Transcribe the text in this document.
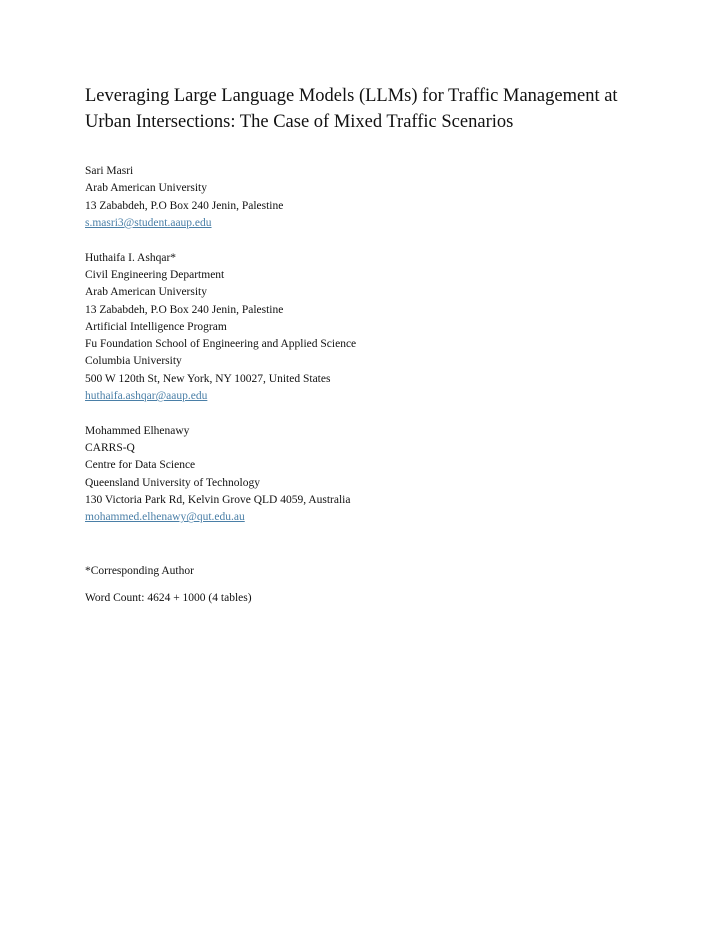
Leveraging Large Language Models (LLMs) for Traffic Management at
Urban Intersections: The Case of Mixed Traffic Scenarios
Sari Masri
Arab American University
13 Zababdeh, P.O Box 240 Jenin, Palestine
s.masri3@student.aaup.edu
Huthaifa I. Ashqar*
Civil Engineering Department
Arab American University
13 Zababdeh, P.O Box 240 Jenin, Palestine
Artificial Intelligence Program
Fu Foundation School of Engineering and Applied Science
Columbia University
500 W 120th St, New York, NY 10027, United States
huthaifa.ashqar@aaup.edu
Mohammed Elhenawy
CARRS-Q
Centre for Data Science
Queensland University of Technology
130 Victoria Park Rd, Kelvin Grove QLD 4059, Australia
mohammed.elhenawy@qut.edu.au
*Corresponding Author
Word Count: 4624 + 1000 (4 tables)
